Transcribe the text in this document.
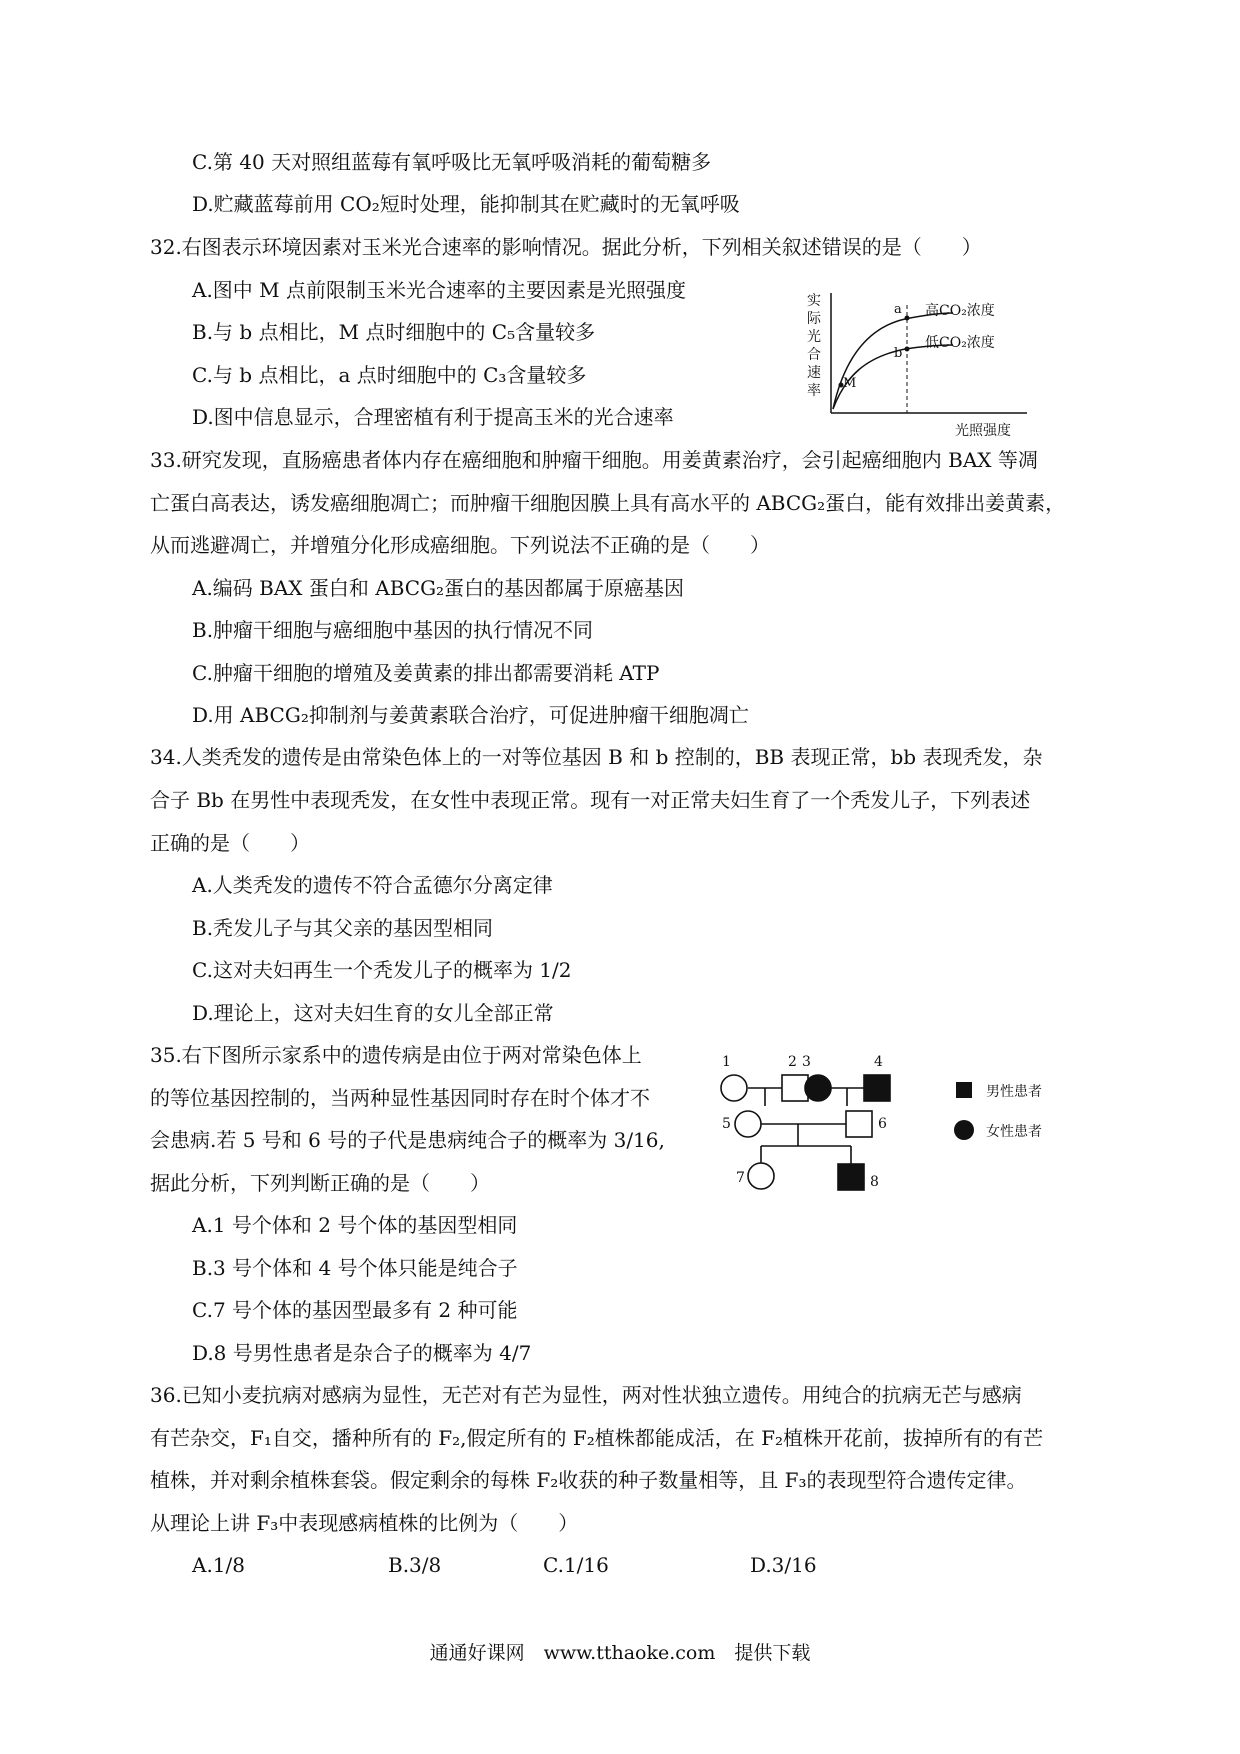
C.第 40 天对照组蓝莓有氧呼吸比无氧呼吸消耗的葡萄糖多
D.贮藏蓝莓前用 CO₂短时处理，能抑制其在贮藏时的无氧呼吸
32.右图表示环境因素对玉米光合速率的影响情况。据此分析，下列相关叙述错误的是（　　）
A.图中 M 点前限制玉米光合速率的主要因素是光照强度
B.与 b 点相比，M 点时细胞中的 C₅含量较多
C.与 b 点相比，a 点时细胞中的 C₃含量较多
D.图中信息显示，合理密植有利于提高玉米的光合速率
实
际
光
合
速
率
光照强度
高CO₂浓度
低CO₂浓度
a
b
M
33.研究发现，直肠癌患者体内存在癌细胞和肿瘤干细胞。用姜黄素治疗，会引起癌细胞内 BAX 等凋
亡蛋白高表达，诱发癌细胞凋亡；而肿瘤干细胞因膜上具有高水平的 ABCG₂蛋白，能有效排出姜黄素，
从而逃避凋亡，并增殖分化形成癌细胞。下列说法不正确的是（　　）
A.编码 BAX 蛋白和 ABCG₂蛋白的基因都属于原癌基因
B.肿瘤干细胞与癌细胞中基因的执行情况不同
C.肿瘤干细胞的增殖及姜黄素的排出都需要消耗 ATP
D.用 ABCG₂抑制剂与姜黄素联合治疗，可促进肿瘤干细胞凋亡
34.人类秃发的遗传是由常染色体上的一对等位基因 B 和 b 控制的，BB 表现正常，bb 表现秃发，杂
合子 Bb 在男性中表现秃发，在女性中表现正常。现有一对正常夫妇生育了一个秃发儿子，下列表述
正确的是（　　）
A.人类秃发的遗传不符合孟德尔分离定律
B.秃发儿子与其父亲的基因型相同
C.这对夫妇再生一个秃发儿子的概率为 1/2
D.理论上，这对夫妇生育的女儿全部正常
35.右下图所示家系中的遗传病是由位于两对常染色体上
的等位基因控制的，当两种显性基因同时存在时个体才不
会患病.若 5 号和 6 号的子代是患病纯合子的概率为 3/16,
据此分析，下列判断正确的是（　　）
A.1 号个体和 2 号个体的基因型相同
B.3 号个体和 4 号个体只能是纯合子
C.7 号个体的基因型最多有 2 种可能
D.8 号男性患者是杂合子的概率为 4/7
1	2 3	4
5	6
7	8
男性患者
女性患者
36.已知小麦抗病对感病为显性，无芒对有芒为显性，两对性状独立遗传。用纯合的抗病无芒与感病
有芒杂交，F₁自交，播种所有的 F₂,假定所有的 F₂植株都能成活，在 F₂植株开花前，拔掉所有的有芒
植株，并对剩余植株套袋。假定剩余的每株 F₂收获的种子数量相等，且 F₃的表现型符合遗传定律。
从理论上讲 F₃中表现感病植株的比例为（　　）
A.1/8	B.3/8	C.1/16	D.3/16
通通好课网　www.tthaoke.com　提供下载
